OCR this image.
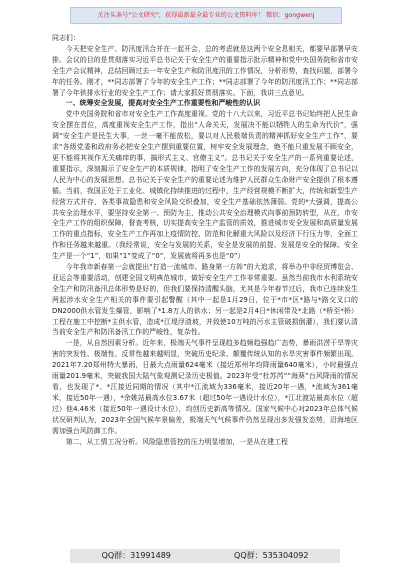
关注头条号"公文研究"，获得最新最全最专业的公文资料库！ 微信：gongwenj

同志们：

今天把安全生产、防汛度汛合并在一起开会，总的考虑就是这两个安全息相关，都要早部署早安排。会议的目的是贯彻落实习近平总书记关于安全生产的重要指示批示精神和党中央国务院和省市安全生产会议精神，总结回顾过去一年安全生产和防汛度汛的工作情况，分析形势，查找问题，部署今年的任务。刚才，**同志部署了今年的安全生产工作；**同志部署了今年的防汛度汛工作；**同志部署了今年供排水行业的安全生产工作；请大家抓好贯彻落实。下面，我讲三点意见。

一、统筹安全发展，提高对安全生产工作重要性和严峻性的认识

党中央国务院和省市对安全生产工作高度重视。党的十八大以来，习近平总书记始终把人民生命安全摆在首位，高度重视安全生产工作，指出“人命关天，发展决不能以牺牲人的生命为代价”，强调“安全生产是民生大事，一丝一毫不能放松，要以对人民极端负责的精神抓好安全生产工作”，要求“各级党委和政府务必把安全生产摆到重要位置，树牢安全发展理念，绝不能只重发展不顾安全，更不能将其视作无关痛痒的事，搞形式主义、官僚主义”。总书记关于安全生产的一系列重要论述，重要指示，深刻揭示了安全生产的本质规律，指明了安全生产工作的发展方向，充分体现了总书记以人民为中心的发展思想。总书记关于安全生产的重要论述为维护人民群众生命财产安全提供了根本遵循。当前，我国正处于工业化、城镇化持续推进的过程中，生产经营规模不断扩大，传统和新型生产经营方式并存，各类事故隐患和安全风险交织叠加，安全生产基础依然薄弱。党的*大强调，提高公共安全治理水平，要坚持安全第一、预防为主，推动公共安全治理模式向事前预防转型，从在，市安全生产工作的组织保障，督查考核，切实提高安全生产监管的质效，推进城市安全发展和高质量发展工作的重点指标，安全生产工作再加上疫情防控、防范和化解重大风险以及经济下行压力等，全面工作和任务越来越重。（我经常说，安全与发展的关系，安全是发展的前提、发展是安全的保障。安全生产是一个“1”，如果“1”变成了“0”，发展就将再多也是“0”）

今年我市新春第一会就提出“打造一流城市、路身第一方阵”的大追求，将举办中非经贸博览会、亚运会等重要活动，创建全国文明典范城市，做好安全生产工作非常重要。虽然当前我市水利系统安全生产和防汛备汛总体形势是好的，但我们要保持清醒头脑，尤其是今年春节过后，我市已连续发生两起涉水安全生产相关的事件要引起警醒（其中一起是1月29日，位于*市*区*路与*路交叉口的DN2000供水管发生爆管，影响了*1.8万人的供水；另一起是2月4日*休闲带及*北路（*桥至*桥）工程在施工中挖断*主供水管，造成*江堤浮渣坡，并致使10万吨的污水主管破损倒灌），我们要认清当前安全生产和防汛备汛工作的严峻性，复杂性。

一是，从自然因素分析。近年来，极端天气事件呈现趋多趋频趋强趋广态势，暴雨洪涝干旱等灾害的突发性、极端性、反常性越来越明显，突破历史纪录、颠覆传统认知的水旱灾害事件频繁出现。2021年7.20郑州特大暴雨，日最大点雨量624毫米（接近郑州年均降雨量640毫米），小时最强点雨量201.9毫米，突破我国大陆气象观测记录历史极值。2023年受“杜苏芮”“海葵”台风降雨的情况看，也发现了*、*江接近同期的情况（其中*江流域为336毫米，接近20年一遇，*流域为361毫米，接近50年一遇），*余姚站最高水位3.67米（超过50年一遇设计水位），*江北渡站最高水位（超过）他4.46米（接近50年一遇设计水位），均创历史新高等情况。国家气候中心对2023年总体气候状况研判认为，2023年全国气候年景偏差，极端天气气候事件仍然呈现出多发强发态势，沿海地区需加强台风防御工作。

第二，从工情工况分析。风险隐患管控的压力明显增加，一是从在建工程

QQ群：31991489	QQ群：535304092
